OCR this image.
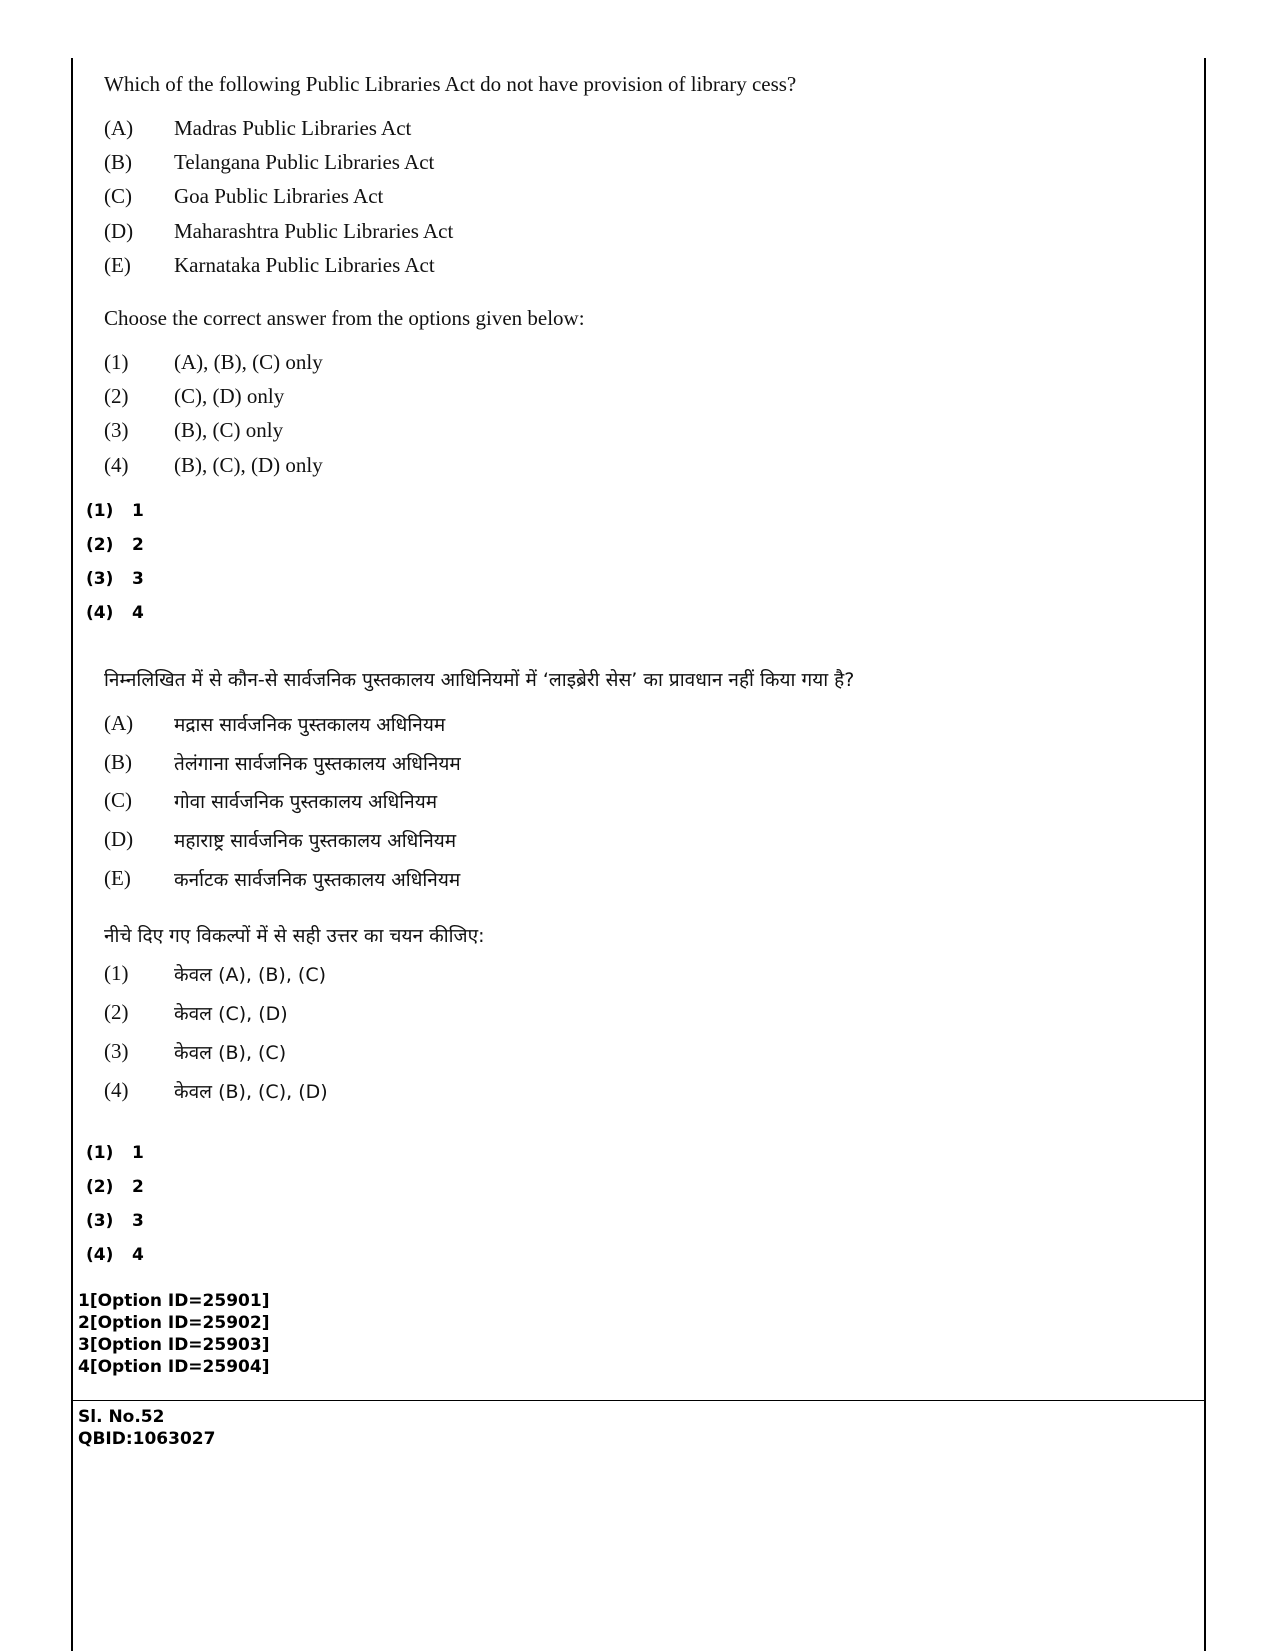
Which of the following Public Libraries Act do not have provision of library cess?
(A) Madras Public Libraries Act
(B) Telangana Public Libraries Act
(C) Goa Public Libraries Act
(D) Maharashtra Public Libraries Act
(E) Karnataka Public Libraries Act
Choose the correct answer from the options given below:
(1) (A), (B), (C) only
(2) (C), (D) only
(3) (B), (C) only
(4) (B), (C), (D) only
(1) 1
(2) 2
(3) 3
(4) 4
निम्नलिखित में से कौन-से सार्वजनिक पुस्तकालय आधिनियमों में ‘लाइब्रेरी सेस’ का प्रावधान नहीं किया गया है?
(A) मद्रास सार्वजनिक पुस्तकालय अधिनियम
(B) तेलंगाना सार्वजनिक पुस्तकालय अधिनियम
(C) गोवा सार्वजनिक पुस्तकालय अधिनियम
(D) महाराष्ट्र सार्वजनिक पुस्तकालय अधिनियम
(E) कर्नाटक सार्वजनिक पुस्तकालय अधिनियम
नीचे दिए गए विकल्पों में से सही उत्तर का चयन कीजिए:
(1) केवल (A), (B), (C)
(2) केवल (C), (D)
(3) केवल (B), (C)
(4) केवल (B), (C), (D)
(1) 1
(2) 2
(3) 3
(4) 4
1[Option ID=25901]
2[Option ID=25902]
3[Option ID=25903]
4[Option ID=25904]
Sl. No.52
QBID:1063027
